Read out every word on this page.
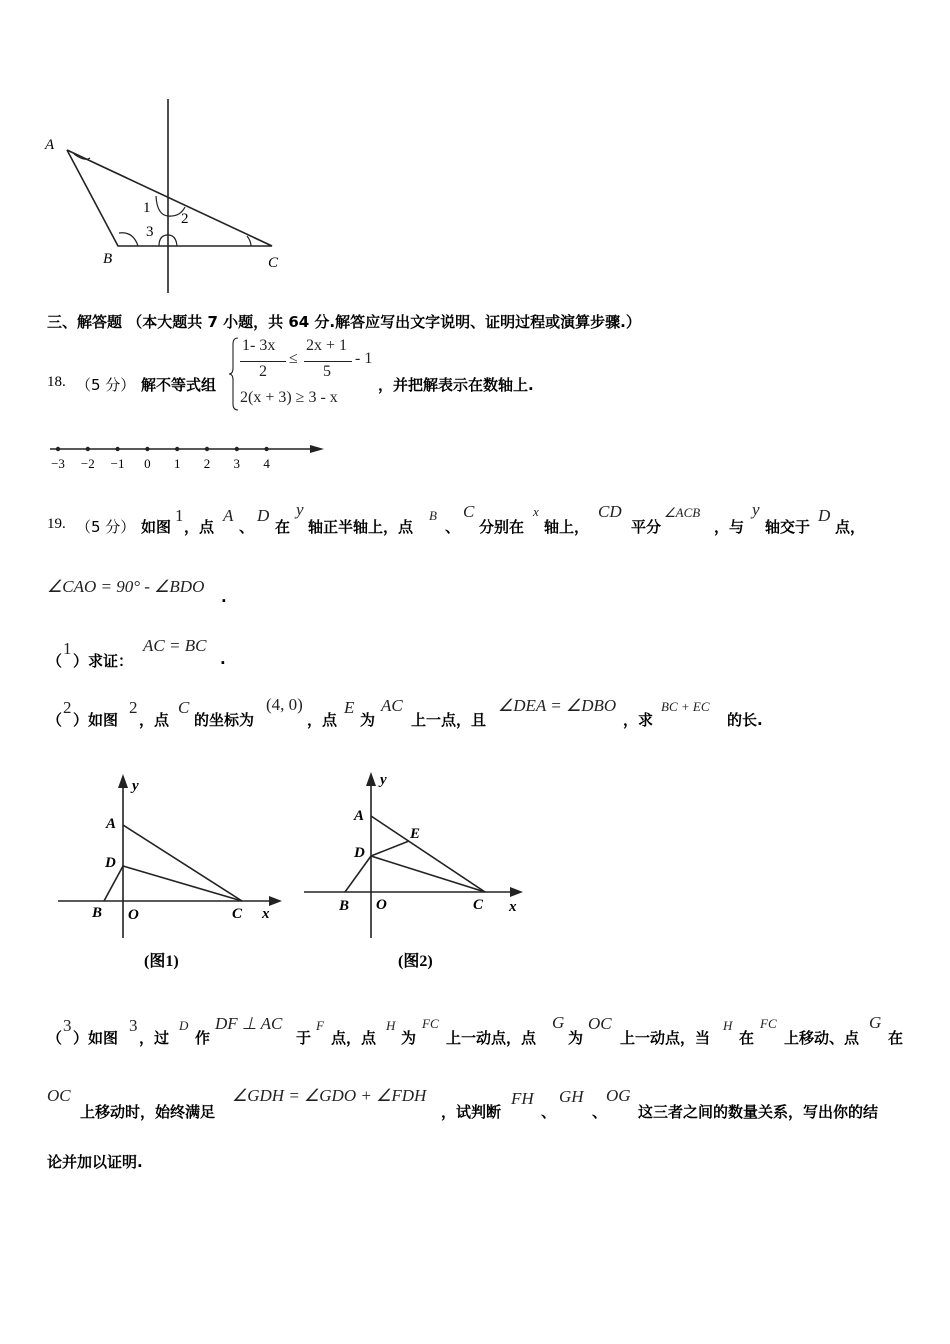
A
B	C
1
2
3
三、解答题 （本大题共 7 小题，共 64 分.解答应写出文字说明、证明过程或演算步骤.）
18. （5 分） 解不等式组
1- 3x
2
≤
2x + 1
5
- 1
2(x + 3) ≥ 3 - x
，并把解表示在数轴上.
−3 −2 −1 0 1 2 3 4
19. （5 分） 如图
1
，点
A
、
D
在
y
轴正半轴上，点
B
、
C
分别在
x
轴上，
CD
平分
∠ACB
，与
y
轴交于
D
点，
∠CAO = 90° - ∠BDO
.
（
1
）求证：
AC = BC
.
（
2
）如图
2
，点
C
的坐标为
(4, 0)
，点
E
为
AC
上一点，且
∠DEA = ∠DBO
，求
BC + EC
的长.
y
A
D
B O	C x
(图1)
y
A
E
D
B O	C x
(图2)
（
3
）如图
3
，过
D
作
DF ⊥ AC
于
F
点，点
H
为
FC
上一动点，点
G
为
OC
上一动点，当
H
在
FC
上移动、点
G
在
OC
上移动时，始终满足
∠GDH = ∠GDO + ∠FDH
，试判断
FH
、
GH
、
OG
这三者之间的数量关系，写出你的结
论并加以证明.
